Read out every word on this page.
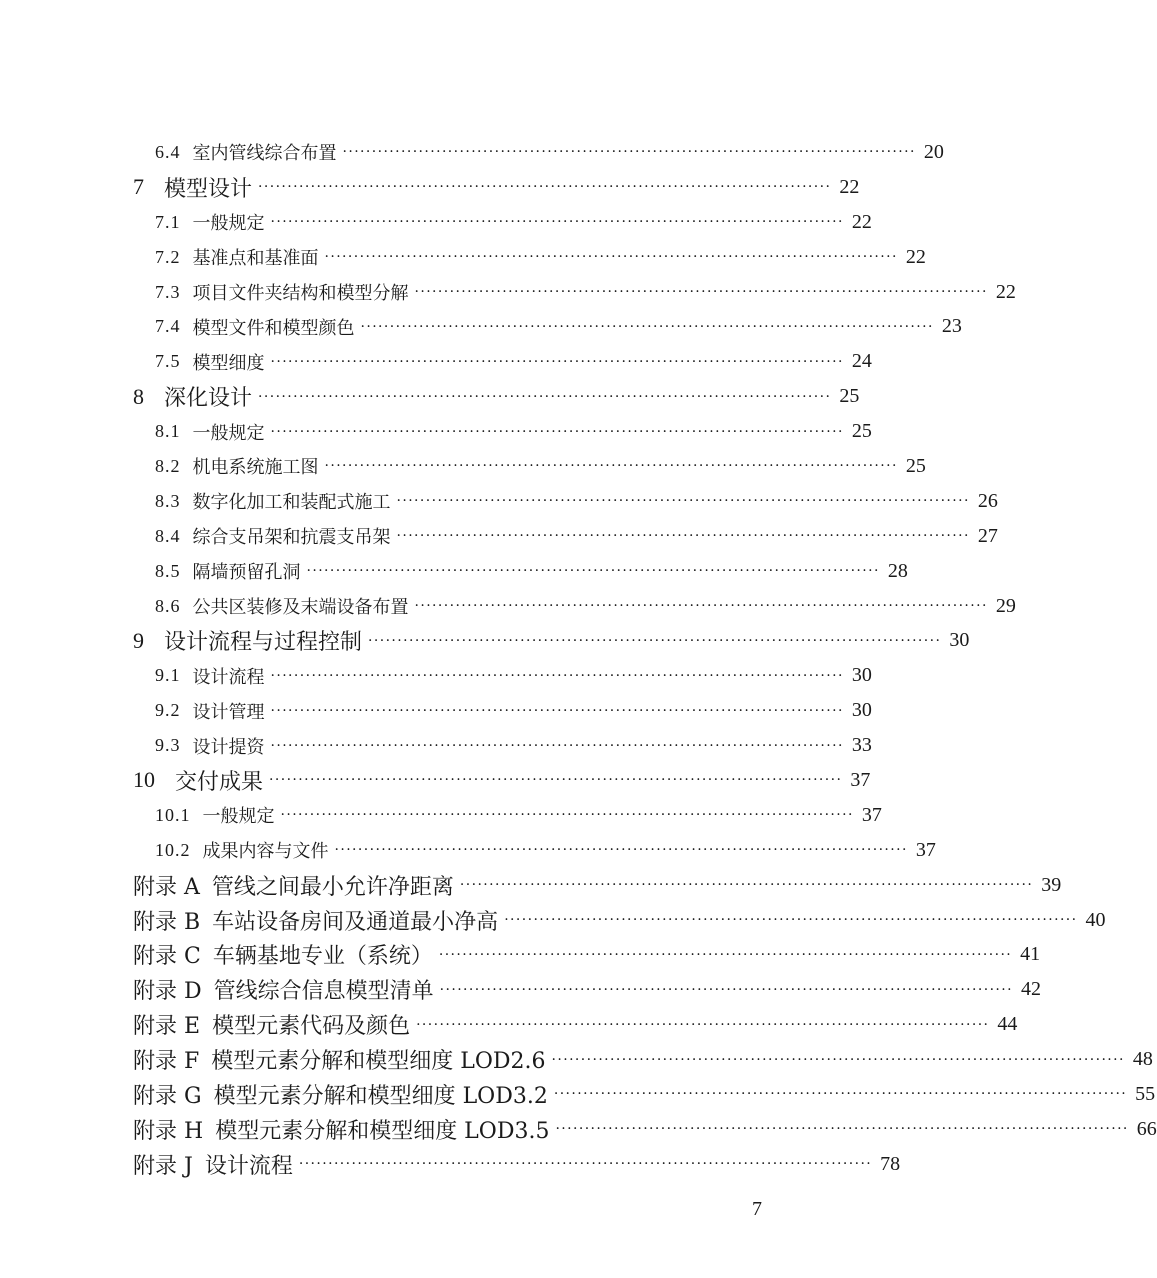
6.4 室内管线综合布置 ·································································································· 20
7 模型设计 ·································································································· 22
7.1 一般规定 ·································································································· 22
7.2 基准点和基准面 ·································································································· 22
7.3 项目文件夹结构和模型分解 ·································································································· 22
7.4 模型文件和模型颜色 ·································································································· 23
7.5 模型细度 ·································································································· 24
8 深化设计 ·································································································· 25
8.1 一般规定 ·································································································· 25
8.2 机电系统施工图 ·································································································· 25
8.3 数字化加工和装配式施工 ·································································································· 26
8.4 综合支吊架和抗震支吊架 ·································································································· 27
8.5 隔墙预留孔洞 ·································································································· 28
8.6 公共区装修及末端设备布置 ·································································································· 29
9 设计流程与过程控制 ·································································································· 30
9.1 设计流程 ·································································································· 30
9.2 设计管理 ·································································································· 30
9.3 设计提资 ·································································································· 33
10 交付成果 ·································································································· 37
10.1 一般规定 ·································································································· 37
10.2 成果内容与文件 ·································································································· 37
附录 A 管线之间最小允许净距离 ·································································································· 39
附录 B 车站设备房间及通道最小净高 ·································································································· 40
附录 C 车辆基地专业（系统） ·································································································· 41
附录 D 管线综合信息模型清单 ·································································································· 42
附录 E 模型元素代码及颜色 ·································································································· 44
附录 F 模型元素分解和模型细度 LOD2.6 ·································································································· 48
附录 G 模型元素分解和模型细度 LOD3.2 ·································································································· 55
附录 H 模型元素分解和模型细度 LOD3.5 ·································································································· 66
附录 J 设计流程 ·································································································· 78
7
